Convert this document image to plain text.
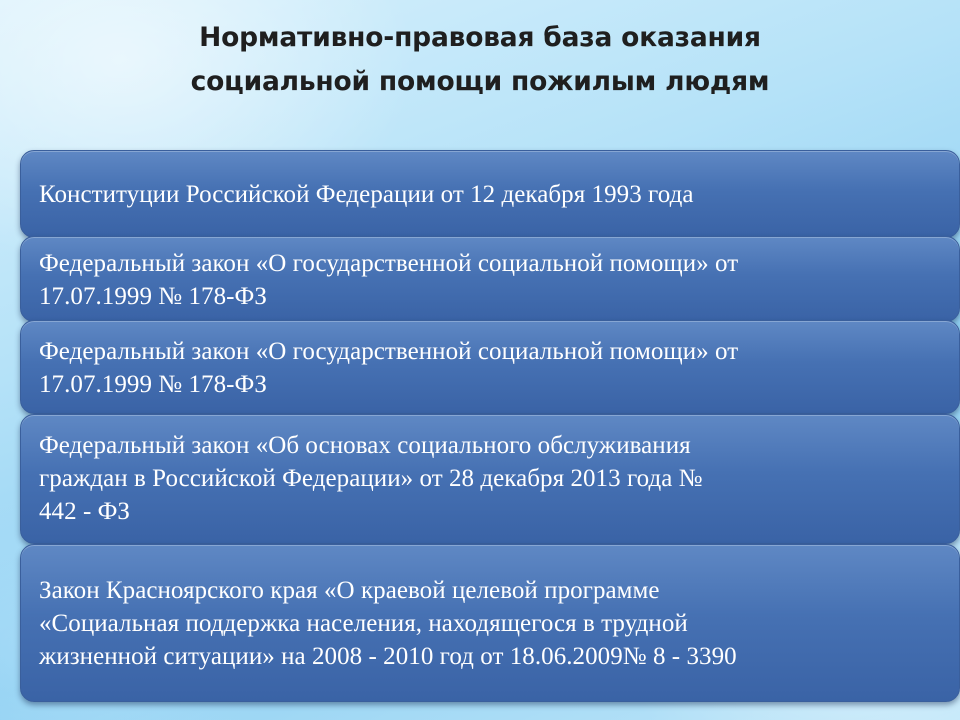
Нормативно-правовая база оказания
социальной помощи пожилым людям
Конституции Российской Федерации от 12 декабря 1993 года
Федеральный закон «О государственной социальной помощи» от
17.07.1999 № 178-ФЗ
Федеральный закон «О государственной социальной помощи» от
17.07.1999 № 178-ФЗ
Федеральный закон «Об основах социального обслуживания
граждан в Российской Федерации» от 28 декабря 2013 года №
442 - ФЗ
Закон Красноярского края «О краевой целевой программе
«Социальная поддержка населения, находящегося в трудной
жизненной ситуации» на 2008 - 2010 год от 18.06.2009№ 8 - 3390
